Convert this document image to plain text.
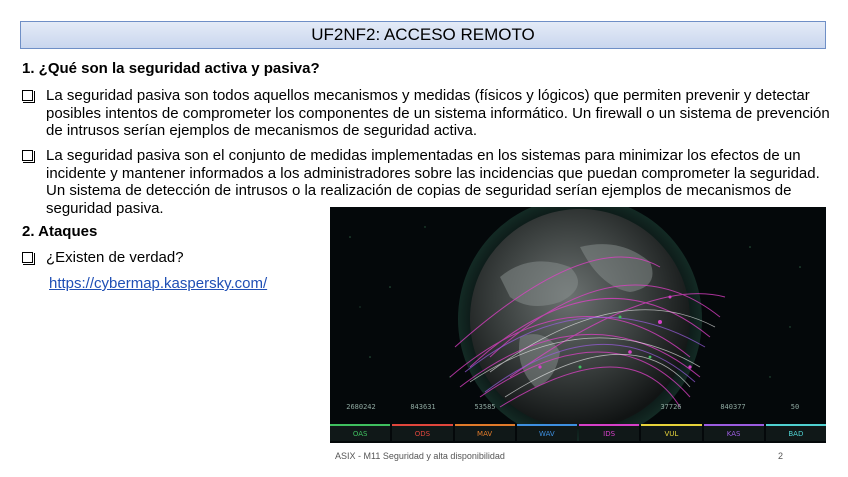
UF2NF2: ACCESO REMOTO
1. ¿Qué son la seguridad activa y pasiva?
La seguridad pasiva son todos aquellos mecanismos y medidas (físicos y lógicos) que permiten prevenir y detectar posibles intentos de comprometer los componentes de un sistema informático. Un firewall o un sistema de prevención de intrusos serían ejemplos de mecanismos de seguridad activa.
La seguridad pasiva son el conjunto de medidas implementadas en los sistemas para minimizar los efectos de un incidente y mantener informados a los administradores sobre las incidencias que puedan comprometer la seguridad. Un sistema de detección de intrusos o la realización de copias de seguridad serían ejemplos de mecanismos de seguridad pasiva.
2. Ataques
¿Existen de verdad?
https://cybermap.kaspersky.com/
2680242	843631	53585	37726	840377	50
OAS	ODS	MAV	WAV	IDS	VUL	KAS	BAD
ASIX - M11 Seguridad y alta disponibilidad	2
